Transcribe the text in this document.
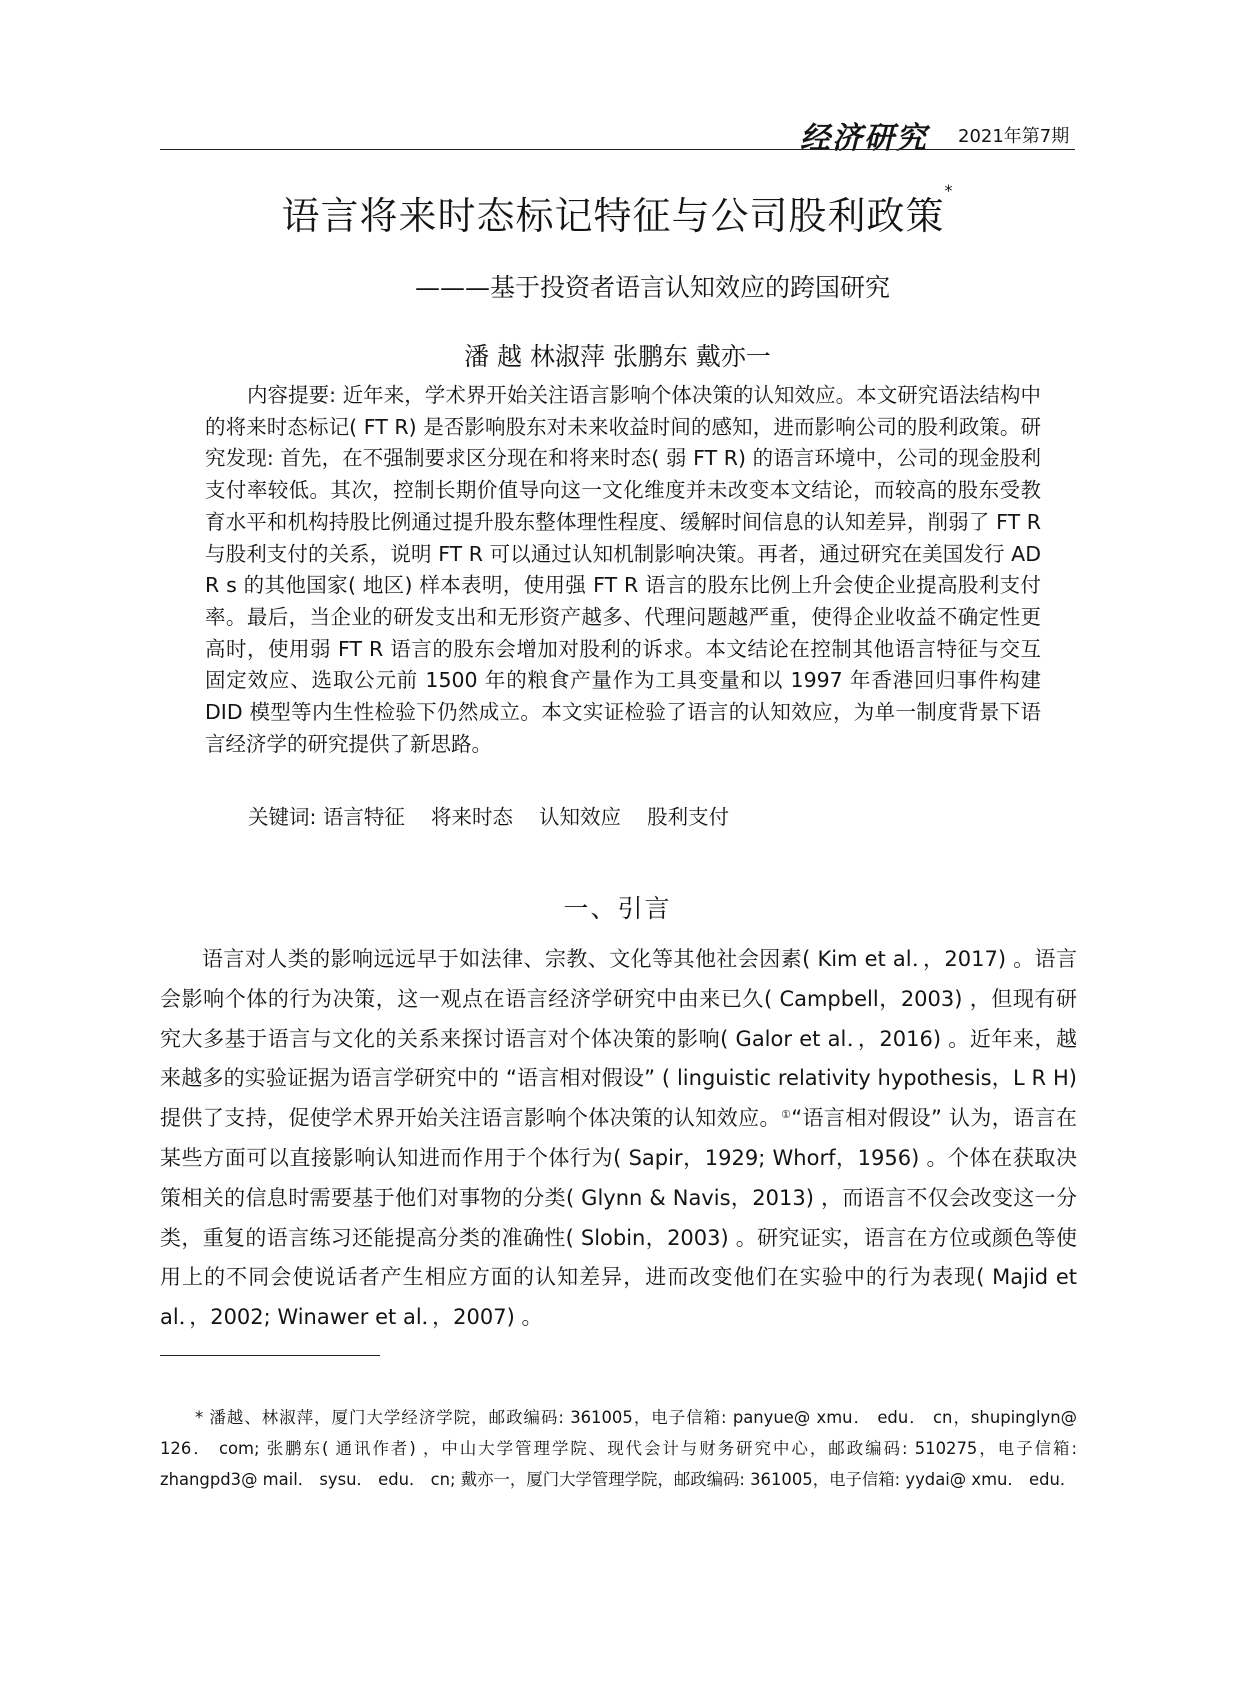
经济研究 2021年第7期
语言将来时态标记特征与公司股利政策*
———基于投资者语言认知效应的跨国研究
潘 越 林淑萍 张鹏东 戴亦一

内容提要: 近年来，学术界开始关注语言影响个体决策的认知效应。本文研究语法结构中的将来时态标记( FT R) 是否影响股东对未来收益时间的感知，进而影响公司的股利政策。研究发现: 首先，在不强制要求区分现在和将来时态( 弱 FT R) 的语言环境中，公司的现金股利支付率较低。其次，控制长期价值导向这一文化维度并未改变本文结论，而较高的股东受教育水平和机构持股比例通过提升股东整体理性程度、缓解时间信息的认知差异，削弱了 FT R 与股利支付的关系，说明 FT R 可以通过认知机制影响决策。再者，通过研究在美国发行 AD R s 的其他国家( 地区) 样本表明，使用强 FT R 语言的股东比例上升会使企业提高股利支付率。最后，当企业的研发支出和无形资产越多、代理问题越严重，使得企业收益不确定性更高时，使用弱 FT R 语言的股东会增加对股利的诉求。本文结论在控制其他语言特征与交互固定效应、选取公元前 1500 年的粮食产量作为工具变量和以 1997 年香港回归事件构建 DID 模型等内生性检验下仍然成立。本文实证检验了语言的认知效应，为单一制度背景下语言经济学的研究提供了新思路。

关键词: 语言特征    将来时态    认知效应    股利支付
一、引言

语言对人类的影响远远早于如法律、宗教、文化等其他社会因素( Kim et al．，2017) 。语言会影响个体的行为决策，这一观点在语言经济学研究中由来已久( Campbell，2003) ，但现有研究大多基于语言与文化的关系来探讨语言对个体决策的影响( Galor et al．，2016) 。近年来，越来越多的实验证据为语言学研究中的 “语言相对假设” ( linguistic relativity hypothesis，L R H) 提供了支持，促使学术界开始关注语言影响个体决策的认知效应。①“语言相对假设” 认为，语言在某些方面可以直接影响认知进而作用于个体行为( Sapir，1929; Whorf，1956) 。个体在获取决策相关的信息时需要基于他们对事物的分类( Glynn & Navis，2013) ，而语言不仅会改变这一分类，重复的语言练习还能提高分类的准确性( Slobin，2003) 。研究证实，语言在方位或颜色等使用上的不同会使说话者产生相应方面的认知差异，进而改变他们在实验中的行为表现( Majid et al．，2002; Winawer et al．，2007) 。

* 潘越、林淑萍，厦门大学经济学院，邮政编码: 361005，电子信箱: panyue@ xmu． edu． cn，shupinglyn@ 126． com; 张鹏东( 通讯作者) ，中山大学管理学院、现代会计与财务研究中心，邮政编码: 510275，电子信箱: zhangpd3@ mail． sysu． edu． cn; 戴亦一，厦门大学管理学院，邮政编码: 361005，电子信箱: yydai@ xmu． edu．
